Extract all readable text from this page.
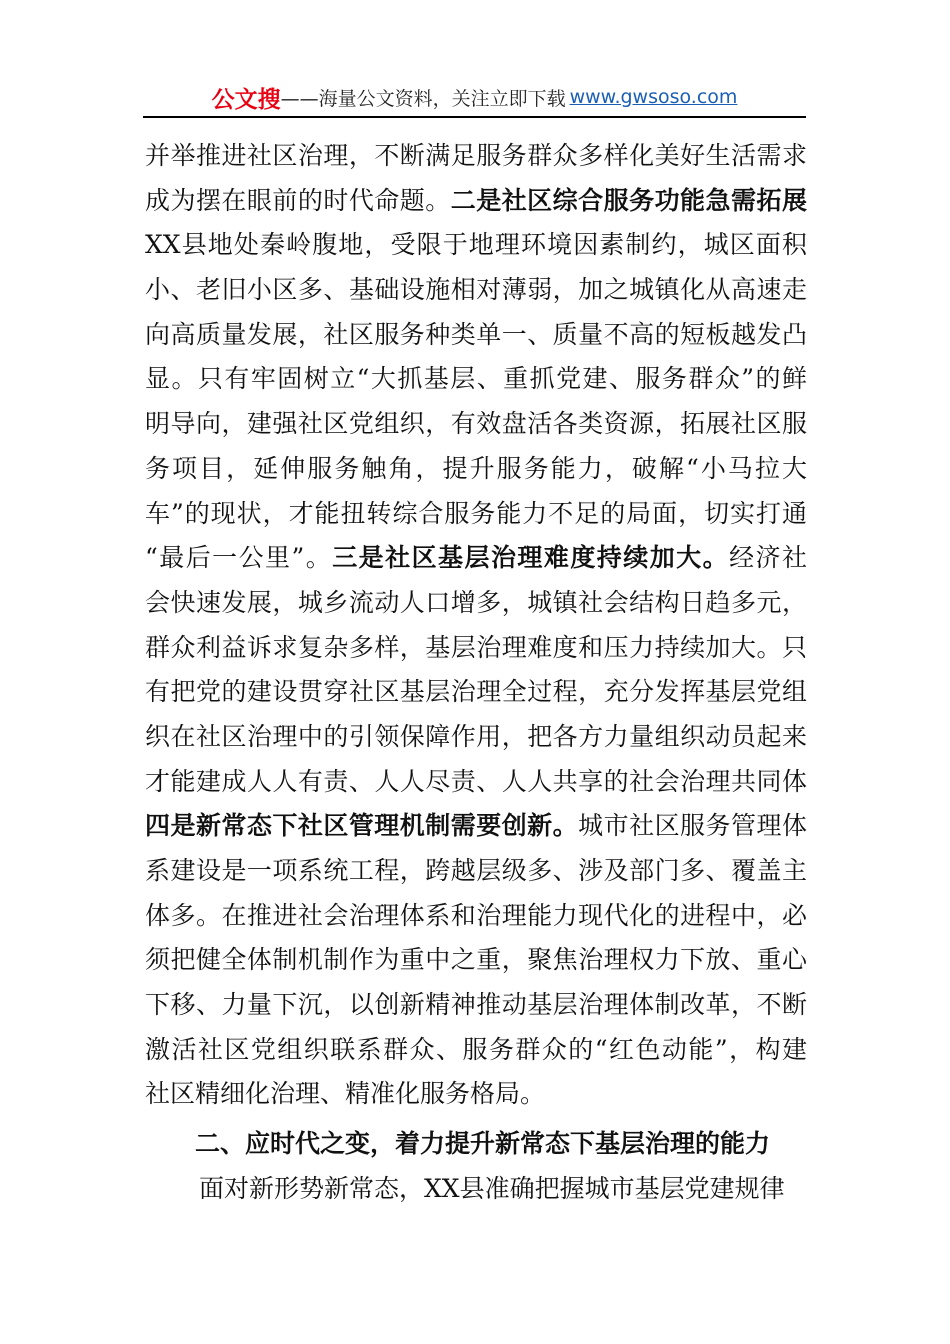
公文搜 ——海量公文资料，关注立即下载 www.gwsoso.com
并举推进社区治理，不断满足服务群众多样化美好生活需求
成为摆在眼前的时代命题。二是社区综合服务功能急需拓展
XX县地处秦岭腹地，受限于地理环境因素制约，城区面积
小、老旧小区多、基础设施相对薄弱，加之城镇化从高速走
向高质量发展，社区服务种类单一、质量不高的短板越发凸
显。只有牢固树立“大抓基层、重抓党建、服务群众”的鲜
明导向，建强社区党组织，有效盘活各类资源，拓展社区服
务项目，延伸服务触角，提升服务能力，破解“小马拉大
车”的现状，才能扭转综合服务能力不足的局面，切实打通
“最后一公里”。三是社区基层治理难度持续加大。经济社
会快速发展，城乡流动人口增多，城镇社会结构日趋多元，
群众利益诉求复杂多样，基层治理难度和压力持续加大。只
有把党的建设贯穿社区基层治理全过程，充分发挥基层党组
织在社区治理中的引领保障作用，把各方力量组织动员起来
才能建成人人有责、人人尽责、人人共享的社会治理共同体
四是新常态下社区管理机制需要创新。城市社区服务管理体
系建设是一项系统工程，跨越层级多、涉及部门多、覆盖主
体多。在推进社会治理体系和治理能力现代化的进程中，必
须把健全体制机制作为重中之重，聚焦治理权力下放、重心
下移、力量下沉，以创新精神推动基层治理体制改革，不断
激活社区党组织联系群众、服务群众的“红色动能”，构建
社区精细化治理、精准化服务格局。
二、应时代之变，着力提升新常态下基层治理的能力
面对新形势新常态，XX县准确把握城市基层党建规律
